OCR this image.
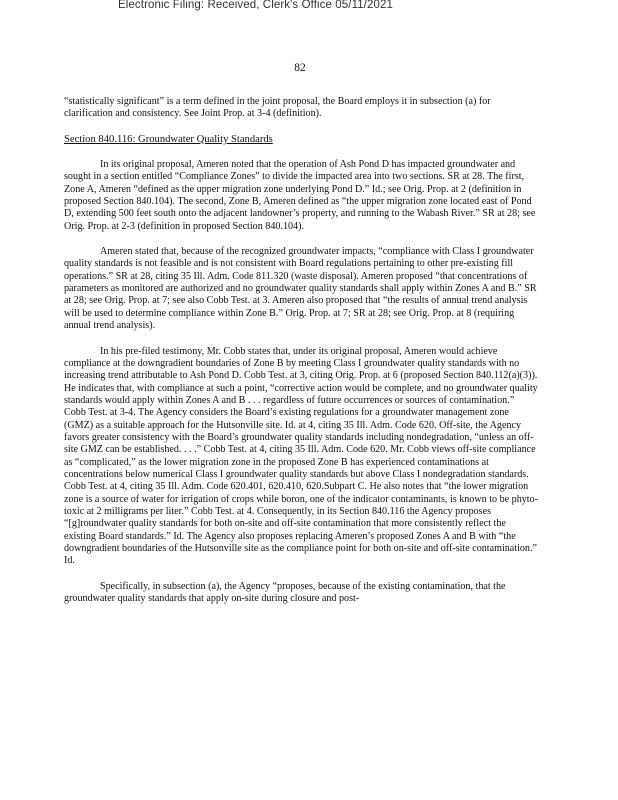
Electronic Filing: Received, Clerk's Office 05/11/2021
82

“statistically significant” is a term defined in the joint proposal, the Board employs it in subsection (a) for clarification and consistency. See Joint Prop. at 3-4 (definition).

Section 840.116: Groundwater Quality Standards

In its original proposal, Ameren noted that the operation of Ash Pond D has impacted groundwater and sought in a section entitled “Compliance Zones” to divide the impacted area into two sections. SR at 28. The first, Zone A, Ameren “defined as the upper migration zone underlying Pond D.” Id.; see Orig. Prop. at 2 (definition in proposed Section 840.104). The second, Zone B, Ameren defined as “the upper migration zone located east of Pond D, extending 500 feet south onto the adjacent landowner’s property, and running to the Wabash River.” SR at 28; see Orig. Prop. at 2-3 (definition in proposed Section 840.104).

Ameren stated that, because of the recognized groundwater impacts, “compliance with Class I groundwater quality standards is not feasible and is not consistent with Board regulations pertaining to other pre-existing fill operations.” SR at 28, citing 35 Ill. Adm. Code 811.320 (waste disposal). Ameren proposed “that concentrations of parameters as monitored are authorized and no groundwater quality standards shall apply within Zones A and B.” SR at 28; see Orig. Prop. at 7; see also Cobb Test. at 3. Ameren also proposed that “the results of annual trend analysis will be used to determine compliance within Zone B.” Orig. Prop. at 7; SR at 28; see Orig. Prop. at 8 (requiring annual trend analysis).

In his pre-filed testimony, Mr. Cobb states that, under its original proposal, Ameren would achieve compliance at the downgradient boundaries of Zone B by meeting Class I groundwater quality standards with no increasing trend attributable to Ash Pond D. Cobb Test. at 3, citing Orig. Prop. at 6 (proposed Section 840.112(a)(3)). He indicates that, with compliance at such a point, “corrective action would be complete, and no groundwater quality standards would apply within Zones A and B . . . regardless of future occurrences or sources of contamination.” Cobb Test. at 3-4. The Agency considers the Board’s existing regulations for a groundwater management zone (GMZ) as a suitable approach for the Hutsonville site. Id. at 4, citing 35 Ill. Adm. Code 620. Off-site, the Agency favors greater consistency with the Board’s groundwater quality standards including nondegradation, “unless an off-site GMZ can be established. . . .” Cobb Test. at 4, citing 35 Ill. Adm. Code 620. Mr. Cobb views off-site compliance as “complicated,” as the lower migration zone in the proposed Zone B has experienced contaminations at concentrations below numerical Class I groundwater quality standards but above Class I nondegradation standards. Cobb Test. at 4, citing 35 Ill. Adm. Code 620.401, 620.410, 620.Subpart C. He also notes that “the lower migration zone is a source of water for irrigation of crops while boron, one of the indicator contaminants, is known to be phyto-toxic at 2 milligrams per liter.” Cobb Test. at 4. Consequently, in its Section 840.116 the Agency proposes “[g]roundwater quality standards for both on-site and off-site contamination that more consistently reflect the existing Board standards.” Id. The Agency also proposes replacing Ameren’s proposed Zones A and B with “the downgradient boundaries of the Hutsonville site as the compliance point for both on-site and off-site contamination.” Id.

Specifically, in subsection (a), the Agency “proposes, because of the existing contamination, that the groundwater quality standards that apply on-site during closure and post-
